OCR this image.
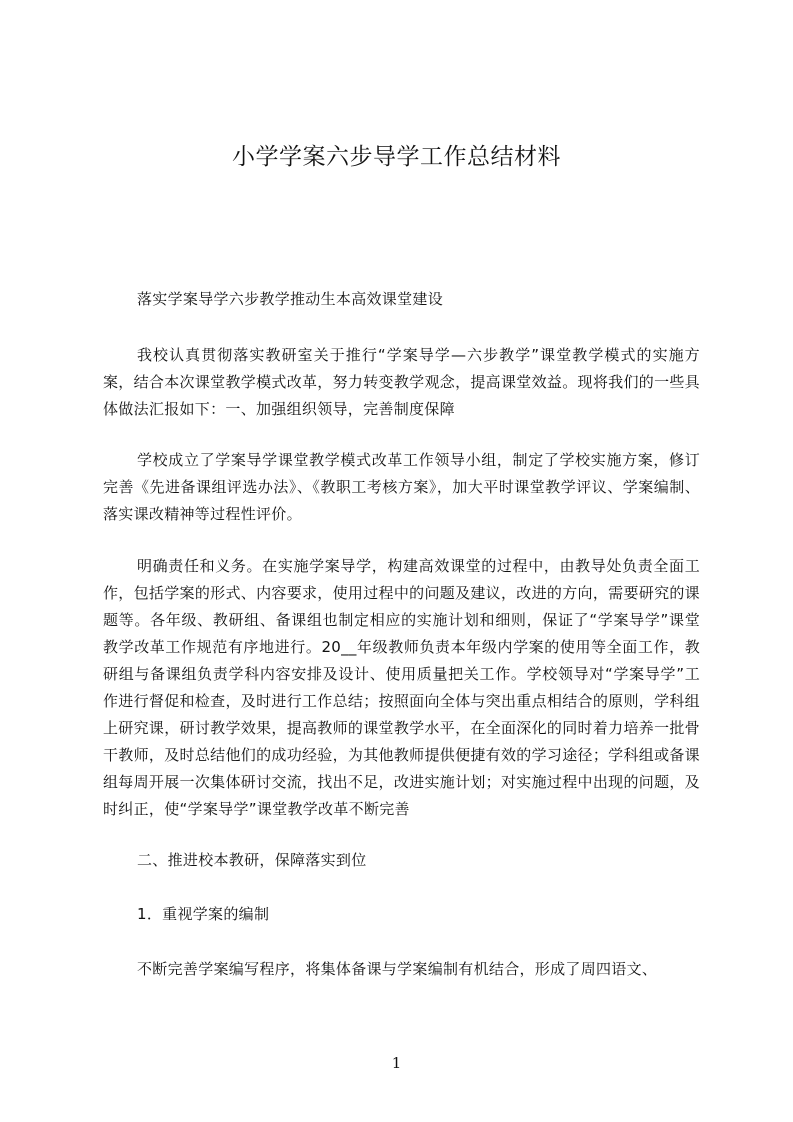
小学学案六步导学工作总结材料
落实学案导学六步教学推动生本高效课堂建设
我校认真贯彻落实教研室关于推行“学案导学—六步教学”课堂教学模式的实施方案，结合本次课堂教学模式改革，努力转变教学观念，提高课堂效益。现将我们的一些具体做法汇报如下：一、加强组织领导，完善制度保障
学校成立了学案导学课堂教学模式改革工作领导小组，制定了学校实施方案，修订完善《先进备课组评选办法》、《教职工考核方案》，加大平时课堂教学评议、学案编制、落实课改精神等过程性评价。
明确责任和义务。在实施学案导学，构建高效课堂的过程中，由教导处负责全面工作，包括学案的形式、内容要求，使用过程中的问题及建议，改进的方向，需要研究的课题等。各年级、教研组、备课组也制定相应的实施计划和细则，保证了“学案导学”课堂教学改革工作规范有序地进行。20__年级教师负责本年级内学案的使用等全面工作，教研组与备课组负责学科内容安排及设计、使用质量把关工作。学校领导对“学案导学”工作进行督促和检查，及时进行工作总结；按照面向全体与突出重点相结合的原则，学科组上研究课，研讨教学效果，提高教师的课堂教学水平，在全面深化的同时着力培养一批骨干教师，及时总结他们的成功经验，为其他教师提供便捷有效的学习途径；学科组或备课组每周开展一次集体研讨交流，找出不足，改进实施计划；对实施过程中出现的问题，及时纠正，使“学案导学”课堂教学改革不断完善
二、推进校本教研，保障落实到位
1．重视学案的编制
不断完善学案编写程序，将集体备课与学案编制有机结合，形成了周四语文、
1
